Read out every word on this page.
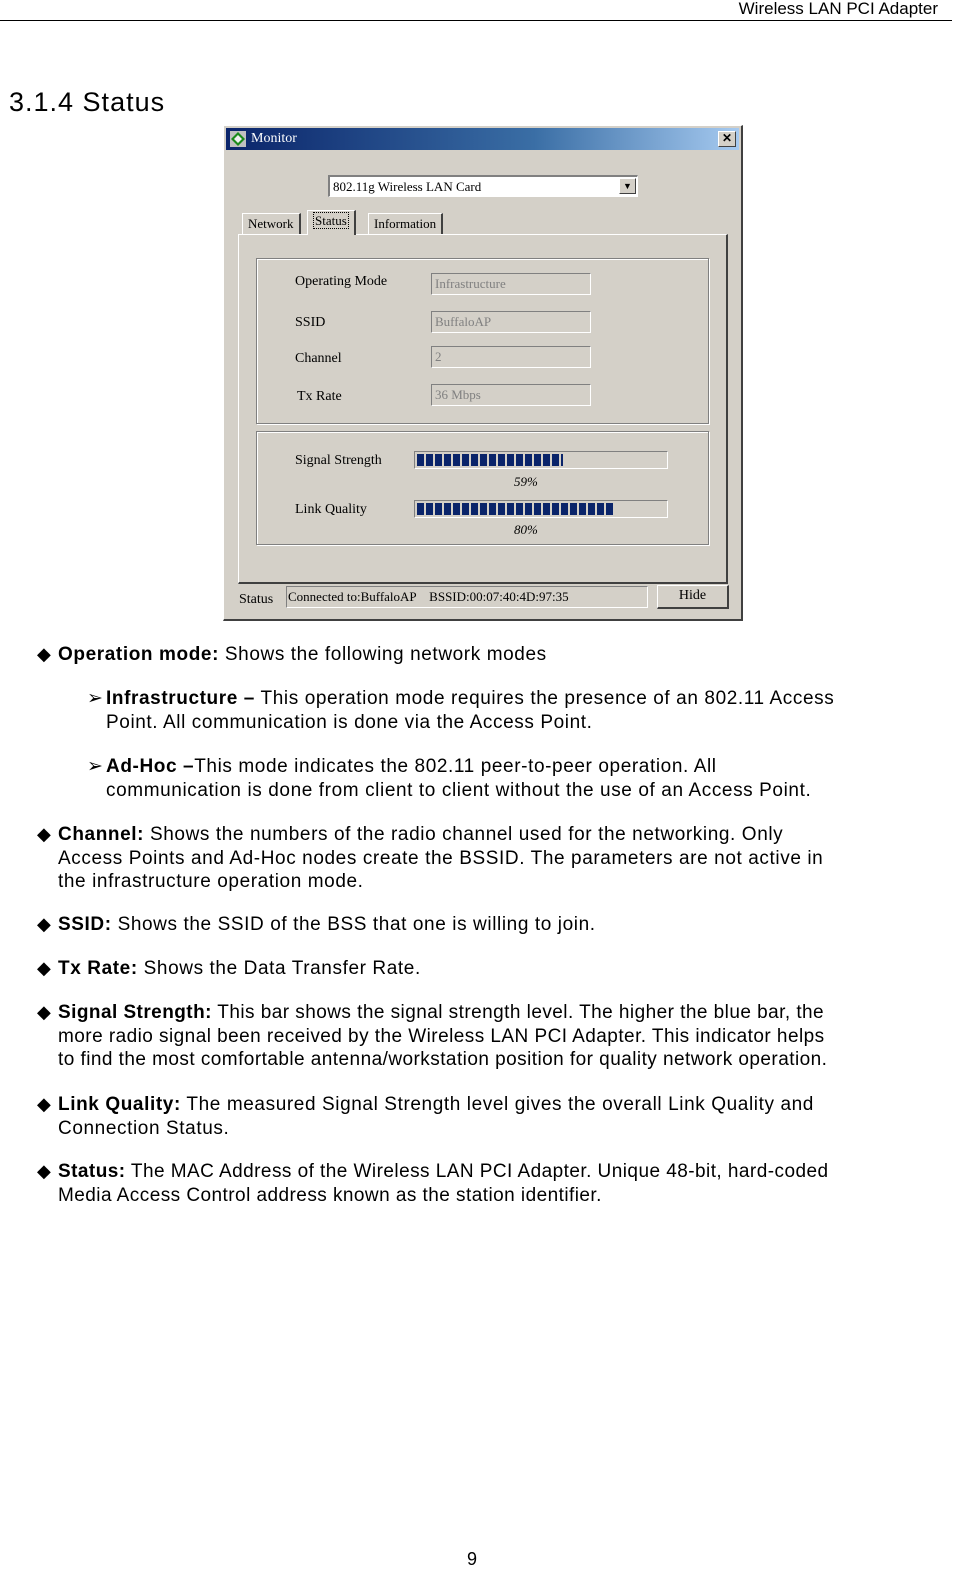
Wireless LAN PCI Adapter
3.1.4 Status
Monitor	✕
802.11g Wireless LAN Card	▼
Network	Status	Information
Operating Mode	Infrastructure
SSID	BuffaloAP
Channel	2
Tx Rate	36 Mbps
Signal Strength
59%
Link Quality
80%
Status Connected to:BuffaloAP    BSSID:00:07:40:4D:97:35	Hide
◆ Operation mode: Shows the following network modes
➢ Infrastructure – This operation mode requires the presence of an 802.11 Access
Point. All communication is done via the Access Point.
➢ Ad-Hoc –This mode indicates the 802.11 peer-to-peer operation. All
communication is done from client to client without the use of an Access Point.
◆ Channel: Shows the numbers of the radio channel used for the networking. Only
Access Points and Ad-Hoc nodes create the BSSID. The parameters are not active in
the infrastructure operation mode.
◆ SSID: Shows the SSID of the BSS that one is willing to join.
◆ Tx Rate: Shows the Data Transfer Rate.
◆ Signal Strength: This bar shows the signal strength level. The higher the blue bar, the
more radio signal been received by the Wireless LAN PCI Adapter. This indicator helps
to find the most comfortable antenna/workstation position for quality network operation.
◆ Link Quality: The measured Signal Strength level gives the overall Link Quality and
Connection Status.
◆ Status: The MAC Address of the Wireless LAN PCI Adapter. Unique 48-bit, hard-coded
Media Access Control address known as the station identifier.
9
